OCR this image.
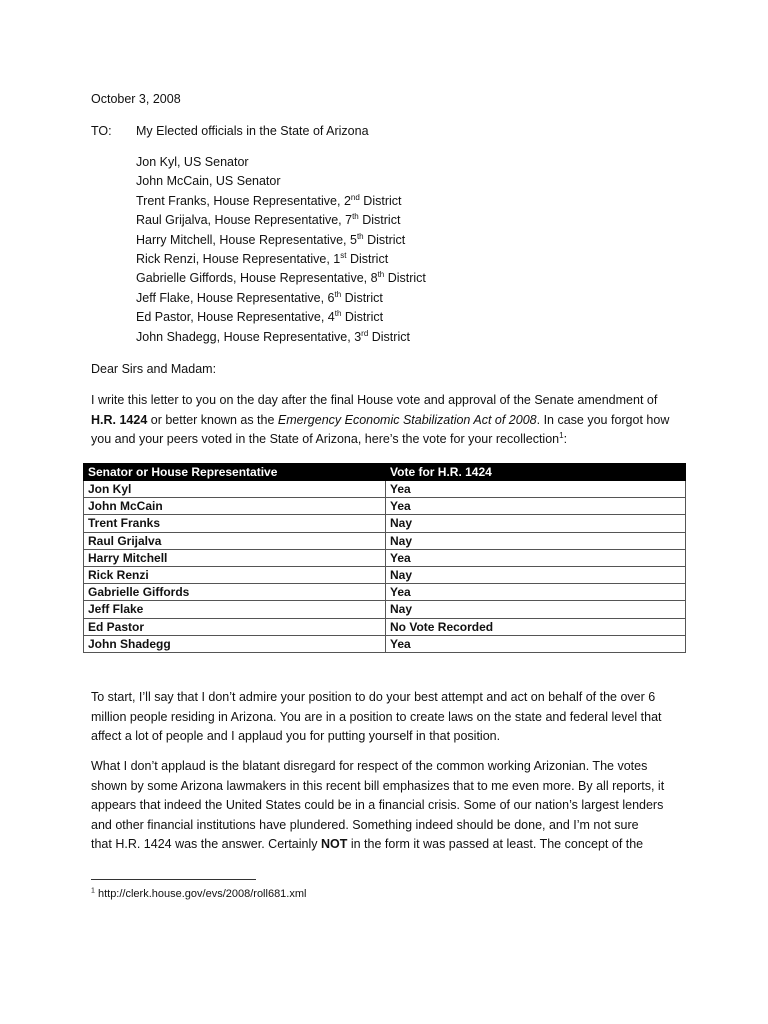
October 3, 2008
TO: My Elected officials in the State of Arizona
Jon Kyl, US Senator
John McCain, US Senator
Trent Franks, House Representative, 2nd District
Raul Grijalva, House Representative, 7th District
Harry Mitchell, House Representative, 5th District
Rick Renzi, House Representative, 1st District
Gabrielle Giffords, House Representative, 8th District
Jeff Flake, House Representative, 6th District
Ed Pastor, House Representative, 4th District
John Shadegg, House Representative, 3rd District
Dear Sirs and Madam:

I write this letter to you on the day after the final House vote and approval of the Senate amendment of
H.R. 1424 or better known as the Emergency Economic Stabilization Act of 2008. In case you forgot how
you and your peers voted in the State of Arizona, here’s the vote for your recollection$^1$:

Senator or House Representative	Vote for H.R. 1424
Jon Kyl	Yea
John McCain	Yea
Trent Franks	Nay
Raul Grijalva	Nay
Harry Mitchell	Yea
Rick Renzi	Nay
Gabrielle Giffords	Yea
Jeff Flake	Nay
Ed Pastor	No Vote Recorded
John Shadegg	Yea

To start, I’ll say that I don’t admire your position to do your best attempt and act on behalf of the over 6
million people residing in Arizona. You are in a position to create laws on the state and federal level that
affect a lot of people and I applaud you for putting yourself in that position.

What I don’t applaud is the blatant disregard for respect of the common working Arizonian. The votes
shown by some Arizona lawmakers in this recent bill emphasizes that to me even more. By all reports, it
appears that indeed the United States could be in a financial crisis. Some of our nation’s largest lenders
and other financial institutions have plundered. Something indeed should be done, and I’m not sure
that H.R. 1424 was the answer. Certainly NOT in the form it was passed at least. The concept of the

$^1$ http://clerk.house.gov/evs/2008/roll681.xml
